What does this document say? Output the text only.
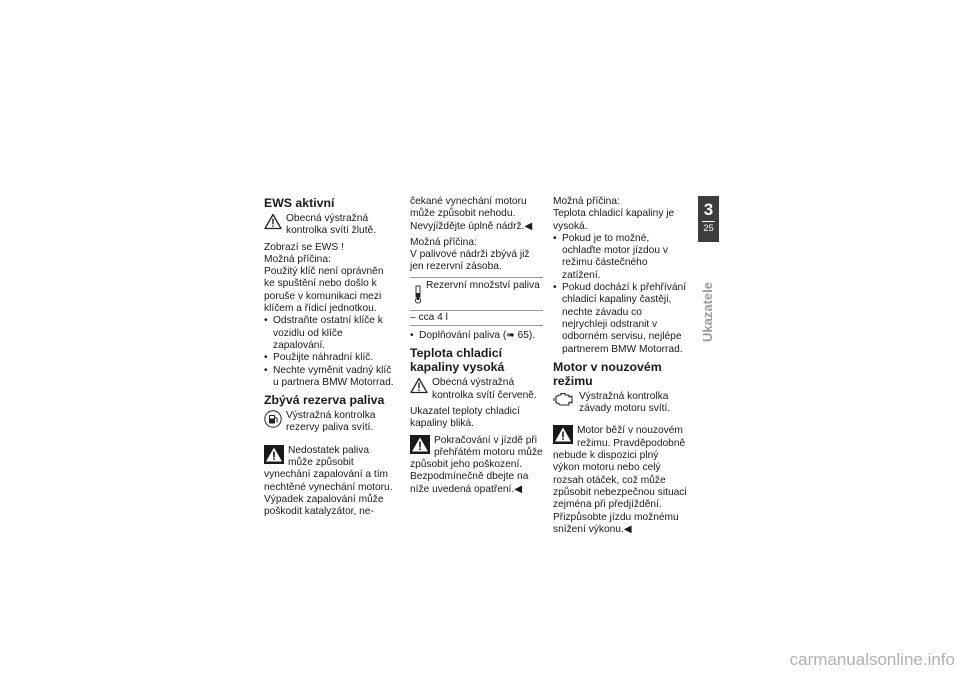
EWS aktivní

Obecná výstražná kontrolka svítí žlutě.

Zobrazí se EWS !

Možná příčina:

Použitý klíč není oprávněn ke spuštění nebo došlo k poruše v komunikaci mezi klíčem a řídicí jednotkou.

• Odstraňte ostatní klíče k vozidlu od klíče zapalování.
• Použijte náhradní klíč.
• Nechte vyměnit vadný klíč u partnera BMW Motorrad.
Zbývá rezerva paliva

Výstražná kontrolka rezervy paliva svítí.

Nedostatek paliva může způsobit vynechání zapalování a tím nechtěné vynechání motoru. Výpadek zapalování může poškodit katalyzátor, ne-

čekané vynechání motoru může způsobit nehodu.

Nevyjíždějte úplně nádrž.◀

Možná příčina:

V palivové nádrži zbývá již jen rezervní zásoba.

Rezervní množství paliva
– cca 4 l
• Doplňování paliva (➠ 65).
Teplota chladicí kapaliny vysoká

Obecná výstražná kontrolka svítí červeně.

Ukazatel teploty chladicí kapaliny bliká.

Pokračování v jízdě při přehřátém motoru může způsobit jeho poškození.

Bezpodmínečně dbejte na níže uvedená opatření.◀

Možná příčina:

Teplota chladicí kapaliny je vysoká.

• Pokud je to možné, ochlaďte motor jízdou v režimu částečného zatížení.
• Pokud dochází k přehřívání chladicí kapaliny častěji, nechte závadu co nejrychleji odstranit v odborném servisu, nejlépe partnerem BMW Motorrad.
Motor v nouzovém režimu

Výstražná kontrolka závady motoru svítí.

Motor běží v nouzovém režimu. Pravděpodobně nebude k dispozici plný výkon motoru nebo celý rozsah otáček, což může způsobit nebezpečnou situaci zejména při předjíždění.

Přizpůsobte jízdu možnému snížení výkonu.◀

3
25
Ukazatele
carmanualsonline.info
